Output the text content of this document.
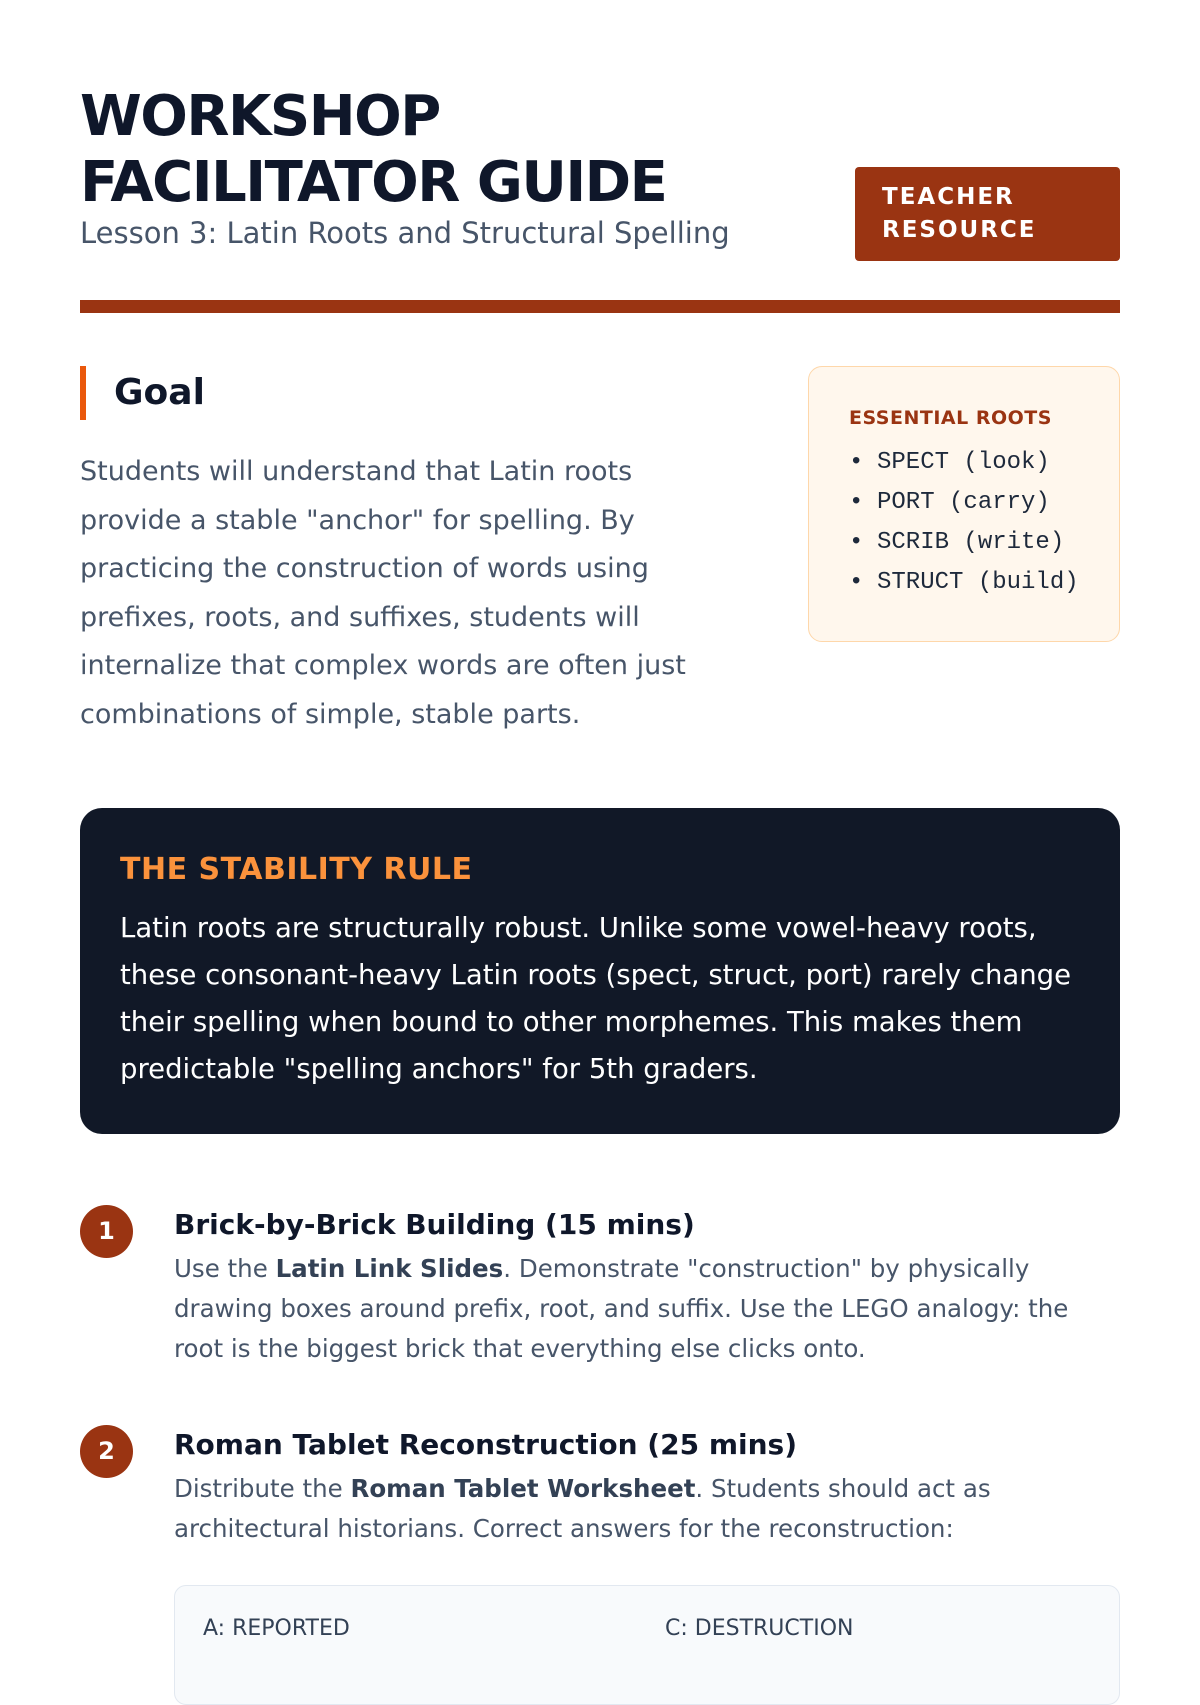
WORKSHOP
FACILITATOR GUIDE
Lesson 3: Latin Roots and Structural Spelling
TEACHER
RESOURCE
Goal

Students will understand that Latin roots provide a stable "anchor" for spelling. By practicing the construction of words using prefixes, roots, and suffixes, students will internalize that complex words are often just combinations of simple, stable parts.

ESSENTIAL ROOTS
• SPECT (look)
• PORT (carry)
• SCRIB (write)
• STRUCT (build)
THE STABILITY RULE

Latin roots are structurally robust. Unlike some vowel-heavy roots, these consonant-heavy Latin roots (spect, struct, port) rarely change their spelling when bound to other morphemes. This makes them predictable "spelling anchors" for 5th graders.

1	Brick-by-Brick Building (15 mins)

Use the Latin Link Slides. Demonstrate "construction" by physically drawing boxes around prefix, root, and suffix. Use the LEGO analogy: the root is the biggest brick that everything else clicks onto.

2	Roman Tablet Reconstruction (25 mins)

Distribute the Roman Tablet Worksheet. Students should act as architectural historians. Correct answers for the reconstruction:

A: REPORTED	C: DESTRUCTION
